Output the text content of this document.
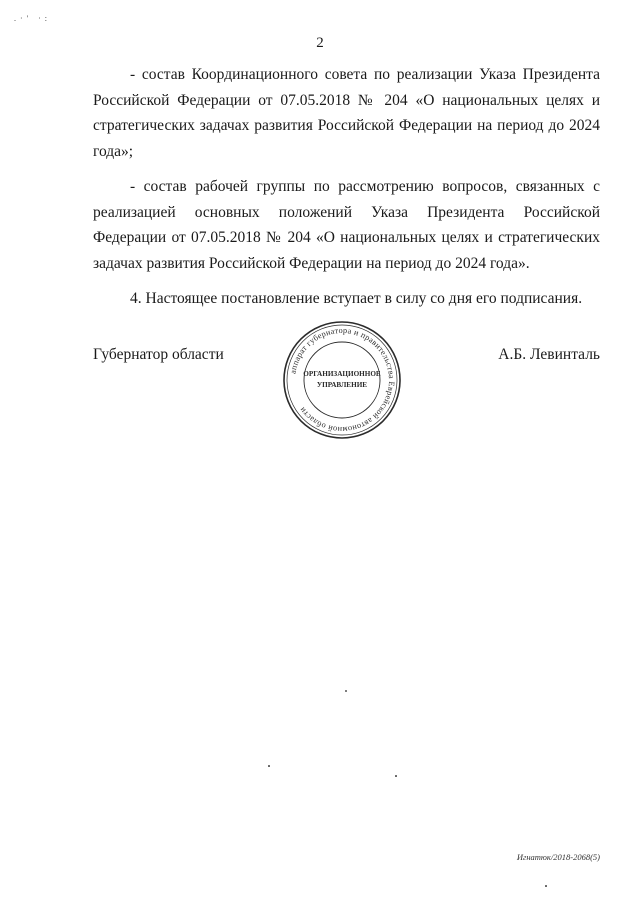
.·' ·:
2

- состав Координационного совета по реализации Указа Президента Российской Федерации от 07.05.2018 № 204 «О национальных целях и стратегических задачах развития Российской Федерации на период до 2024 года»;

- состав рабочей группы по рассмотрению вопросов, связанных с реализацией основных положений Указа Президента Российской Федерации от 07.05.2018 № 204 «О национальных целях и стратегических задачах развития Российской Федерации на период до 2024 года».

4. Настоящее постановление вступает в силу со дня его подписания.

Губернатор области	А.Б. Левинталь
аппарат губернатора и правительства Еврейской автономной области
ОРГАНИЗАЦИОННОЕ
УПРАВЛЕНИЕ
Игнатюк/2018-2068(5)
